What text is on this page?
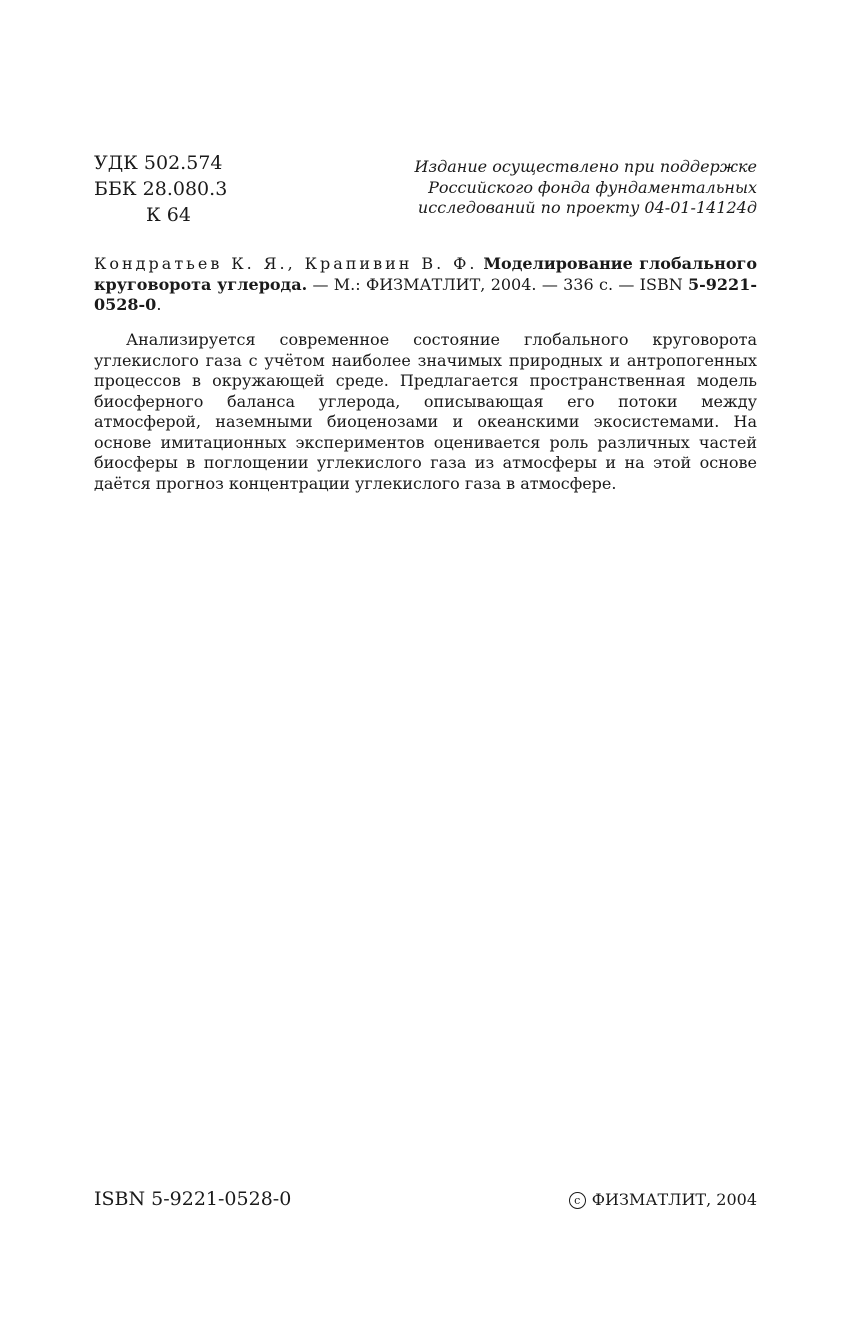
УДК 502.574
ББК 28.080.3
К 64
Издание осуществлено при поддержке
Российского фонда фундаментальных
исследований по проекту 04-01-14124д
Кондратьев К. Я., Крапивин В. Ф. Моделирование глобального круговорота углерода. — М.: ФИЗМАТЛИТ, 2004. — 336 с. — ISBN 5-9221-0528-0.
Анализируется современное состояние глобального круговорота углекислого газа с учётом наиболее значимых природных и антропогенных процессов в окружающей среде. Предлагается пространственная модель биосферного баланса углерода, описывающая его потоки между атмосферой, наземными биоценозами и океанскими экосистемами. На основе имитационных экспериментов оценивается роль различных частей биосферы в поглощении углекислого газа из атмосферы и на этой основе даётся прогноз концентрации углекислого газа в атмосфере.
ISBN 5-9221-0528-0	c ФИЗМАТЛИТ, 2004
